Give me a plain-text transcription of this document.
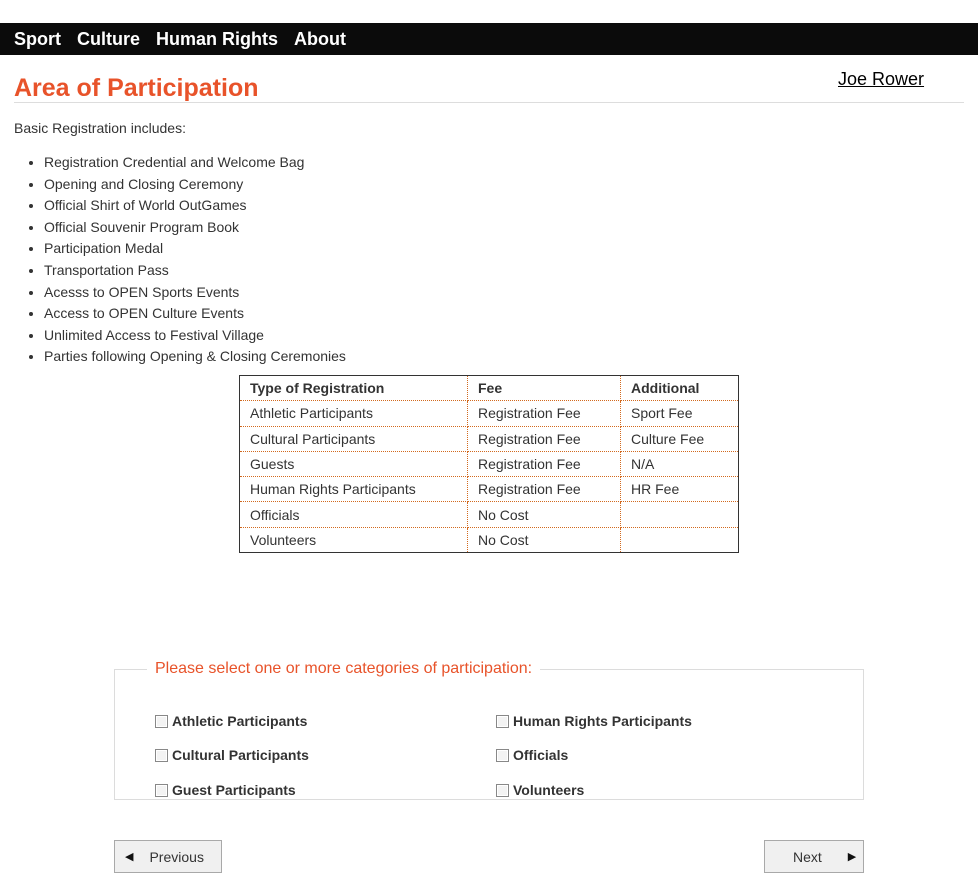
Sport Culture Human Rights About
Area of Participation	Joe Rower
Basic Registration includes:
• Registration Credential and Welcome Bag
• Opening and Closing Ceremony
• Official Shirt of World OutGames
• Official Souvenir Program Book
• Participation Medal
• Transportation Pass
• Acesss to OPEN Sports Events
• Access to OPEN Culture Events
• Unlimited Access to Festival Village
• Parties following Opening & Closing Ceremonies
Type of Registration	Fee	Additional
Athletic Participants	Registration Fee	Sport Fee
Cultural Participants	Registration Fee	Culture Fee
Guests	Registration Fee	N/A
Human Rights Participants	Registration Fee	HR Fee
Officials	No Cost	
Volunteers	No Cost	
Please select one or more categories of participation:
Athletic Participants	Human Rights Participants
Cultural Participants	Officials
Guest Participants	Volunteers
◀ Previous	Next ▶
